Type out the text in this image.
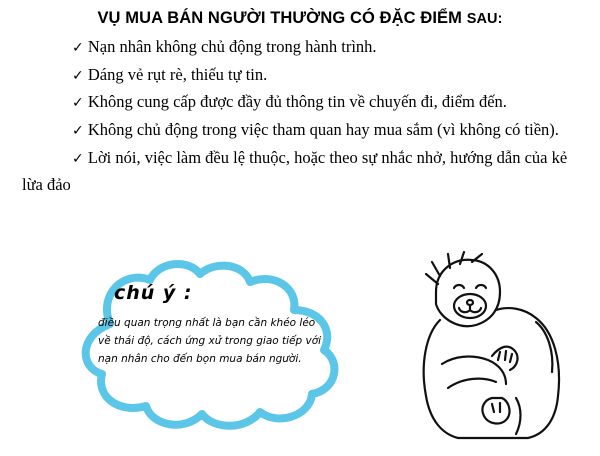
VỤ MUA BÁN NGƯỜI THƯỜNG CÓ ĐẶC ĐIỂM SAU:
✓ Nạn nhân không chủ động trong hành trình.
✓ Dáng vẻ rụt rè, thiếu tự tin.
✓ Không cung cấp được đầy đủ thông tin về chuyến đi, điểm đến.
✓ Không chủ động trong việc tham quan hay mua sắm (vì không có tiền).
✓ Lời nói, việc làm đều lệ thuộc, hoặc theo sự nhắc nhở, hướng dẫn của kẻ lừa đảo
chú ý :
điều quan trọng nhất là bạn cần khéo léo
về thái độ, cách ứng xử trong giao tiếp với
nạn nhân cho đến bọn mua bán người.
